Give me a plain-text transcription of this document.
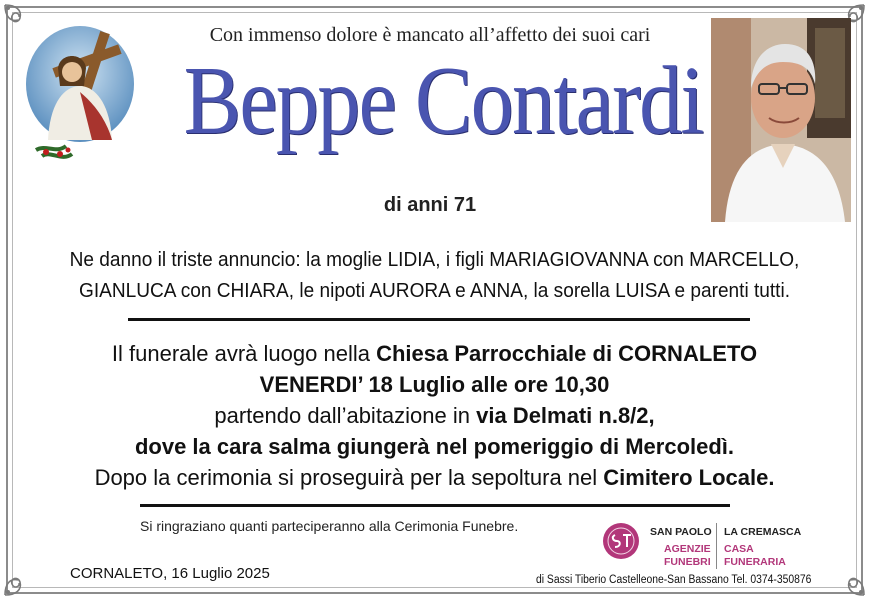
Con immenso dolore è mancato all’affetto dei suoi cari
Beppe Contardi
di anni 71
Ne danno il triste annuncio: la moglie LIDIA, i figli MARIAGIOVANNA con MARCELLO,
GIANLUCA con CHIARA, le nipoti AURORA e ANNA, la sorella LUISA e parenti tutti.
Il funerale avrà luogo nella Chiesa Parrocchiale di CORNALETO
VENERDI’ 18 Luglio alle ore 10,30
partendo dall’abitazione in via Delmati n.8/2,
dove la cara salma giungerà nel pomeriggio di Mercoledì.
Dopo la cerimonia si proseguirà per la sepoltura nel Cimitero Locale.
Si ringraziano quanti parteciperanno alla Cerimonia Funebre.
CORNALETO, 16 Luglio 2025
SAN PAOLO
AGENZIE
FUNEBRI
LA CREMASCA
CASA
FUNERARIA
di Sassi Tiberio Castelleone-San Bassano Tel. 0374-350876
